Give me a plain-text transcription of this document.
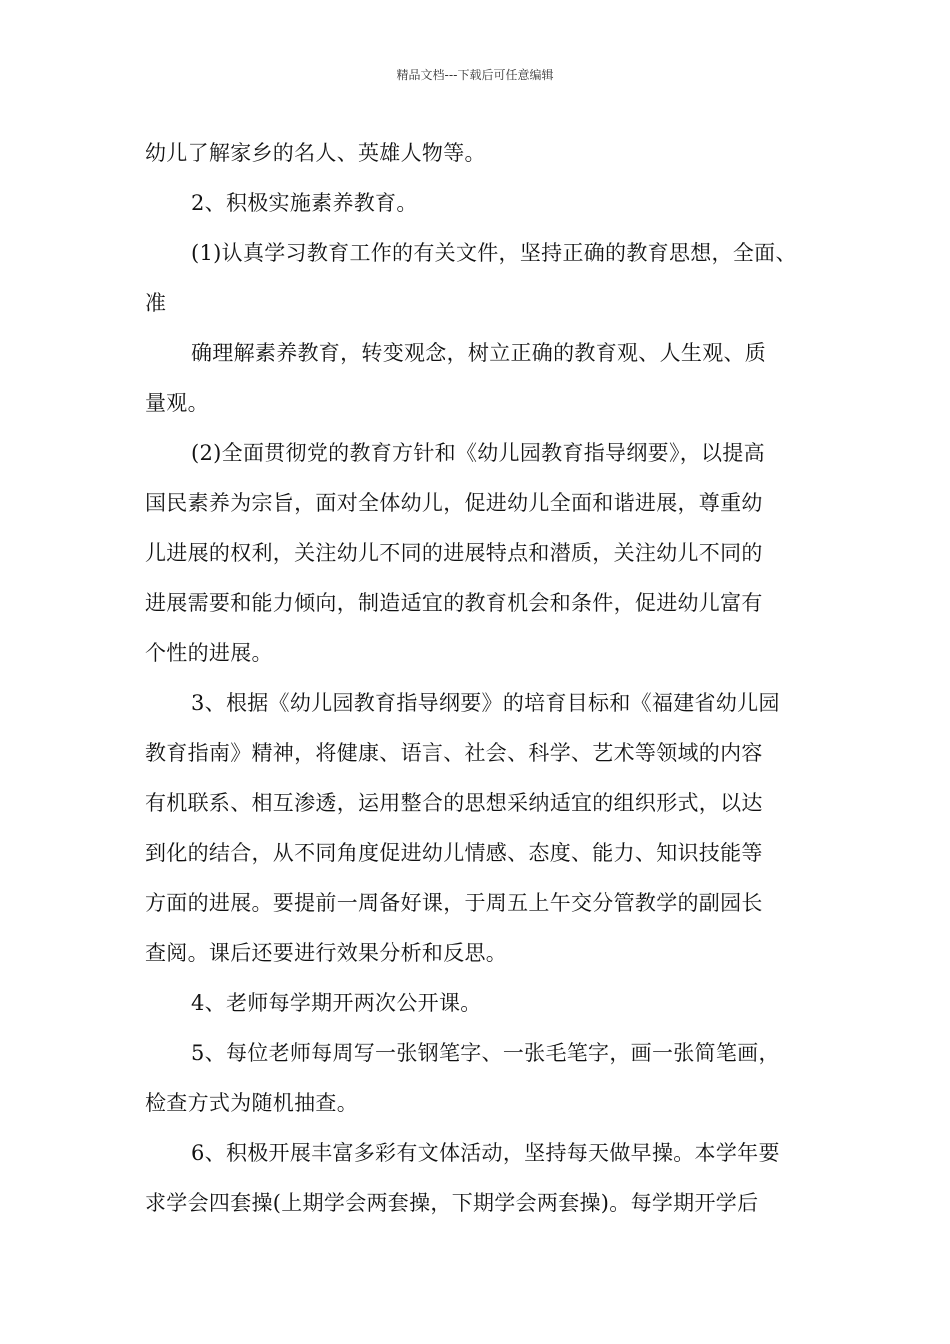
精品文档---下载后可任意编辑
幼儿了解家乡的名人、英雄人物等。
2、积极实施素养教育。
(1)认真学习教育工作的有关文件，坚持正确的教育思想，全面、
准
确理解素养教育，转变观念，树立正确的教育观、人生观、质
量观。
(2)全面贯彻党的教育方针和《幼儿园教育指导纲要》，以提高
国民素养为宗旨，面对全体幼儿，促进幼儿全面和谐进展，尊重幼
儿进展的权利，关注幼儿不同的进展特点和潜质，关注幼儿不同的
进展需要和能力倾向，制造适宜的教育机会和条件，促进幼儿富有
个性的进展。
3、根据《幼儿园教育指导纲要》的培育目标和《福建省幼儿园
教育指南》精神，将健康、语言、社会、科学、艺术等领域的内容
有机联系、相互渗透，运用整合的思想采纳适宜的组织形式，以达
到化的结合，从不同角度促进幼儿情感、态度、能力、知识技能等
方面的进展。要提前一周备好课，于周五上午交分管教学的副园长
查阅。课后还要进行效果分析和反思。
4、老师每学期开两次公开课。
5、每位老师每周写一张钢笔字、一张毛笔字，画一张简笔画，
检查方式为随机抽查。
6、积极开展丰富多彩有文体活动，坚持每天做早操。本学年要
求学会四套操(上期学会两套操，下期学会两套操)。每学期开学后
